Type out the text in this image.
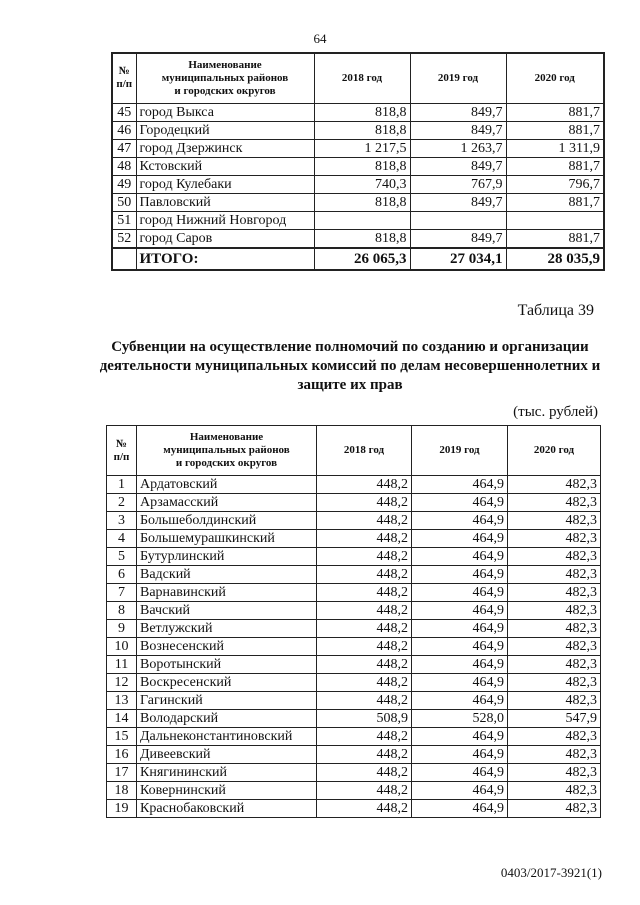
64
№
п/п	Наименование
муниципальных районов
и городских округов	2018 год	2019 год	2020 год
45	город Выкса	818,8	849,7	881,7
46	Городецкий	818,8	849,7	881,7
47	город Дзержинск	1 217,5	1 263,7	1 311,9
48	Кстовский	818,8	849,7	881,7
49	город Кулебаки	740,3	767,9	796,7
50	Павловский	818,8	849,7	881,7
51	город Нижний Новгород			
52	город Саров	818,8	849,7	881,7
	ИТОГО:	26 065,3	27 034,1	28 035,9
Таблица 39
Субвенции на осуществление полномочий по созданию и организации деятельности муниципальных комиссий по делам несовершеннолетних и защите их прав
(тыс. рублей)
№
п/п	Наименование
муниципальных районов
и городских округов	2018 год	2019 год	2020 год
1	Ардатовский	448,2	464,9	482,3
2	Арзамасский	448,2	464,9	482,3
3	Большеболдинский	448,2	464,9	482,3
4	Большемурашкинский	448,2	464,9	482,3
5	Бутурлинский	448,2	464,9	482,3
6	Вадский	448,2	464,9	482,3
7	Варнавинский	448,2	464,9	482,3
8	Вачский	448,2	464,9	482,3
9	Ветлужский	448,2	464,9	482,3
10	Вознесенский	448,2	464,9	482,3
11	Воротынский	448,2	464,9	482,3
12	Воскресенский	448,2	464,9	482,3
13	Гагинский	448,2	464,9	482,3
14	Володарский	508,9	528,0	547,9
15	Дальнеконстантиновский	448,2	464,9	482,3
16	Дивеевский	448,2	464,9	482,3
17	Княгининский	448,2	464,9	482,3
18	Ковернинский	448,2	464,9	482,3
19	Краснобаковский	448,2	464,9	482,3
0403/2017-3921(1)
